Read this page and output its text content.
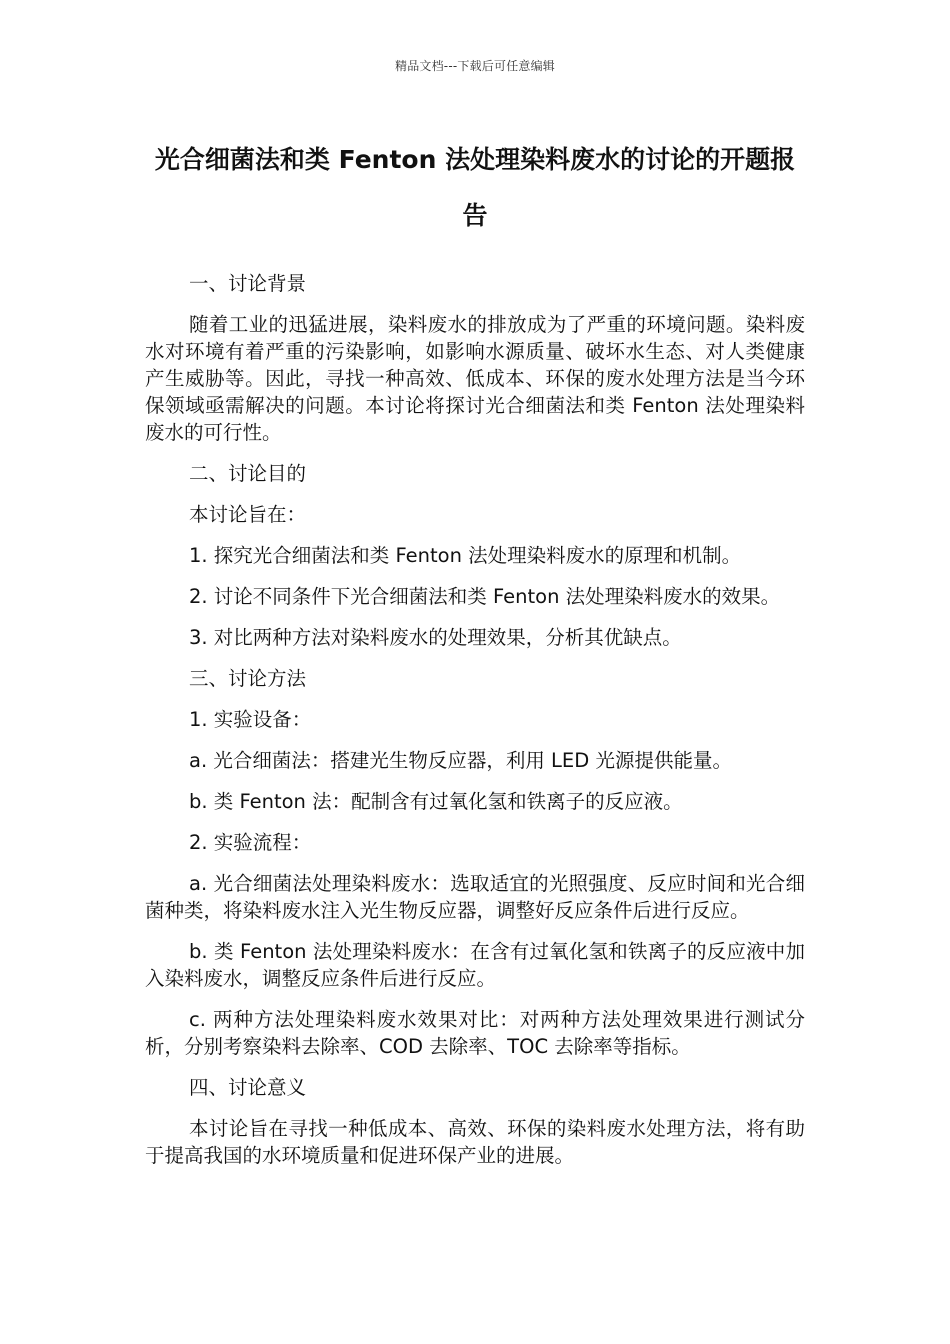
精品文档---下载后可任意编辑
光合细菌法和类 Fenton 法处理染料废水的讨论的开题报告

一、讨论背景

随着工业的迅猛进展，染料废水的排放成为了严重的环境问题。染料废水对环境有着严重的污染影响，如影响水源质量、破坏水生态、对人类健康产生威胁等。因此，寻找一种高效、低成本、环保的废水处理方法是当今环保领域亟需解决的问题。本讨论将探讨光合细菌法和类 Fenton 法处理染料废水的可行性。

二、讨论目的

本讨论旨在：

1. 探究光合细菌法和类 Fenton 法处理染料废水的原理和机制。

2. 讨论不同条件下光合细菌法和类 Fenton 法处理染料废水的效果。

3. 对比两种方法对染料废水的处理效果，分析其优缺点。

三、讨论方法

1. 实验设备：

a. 光合细菌法：搭建光生物反应器，利用 LED 光源提供能量。

b. 类 Fenton 法：配制含有过氧化氢和铁离子的反应液。

2. 实验流程：

a. 光合细菌法处理染料废水：选取适宜的光照强度、反应时间和光合细菌种类，将染料废水注入光生物反应器，调整好反应条件后进行反应。

b. 类 Fenton 法处理染料废水：在含有过氧化氢和铁离子的反应液中加入染料废水，调整反应条件后进行反应。

c. 两种方法处理染料废水效果对比：对两种方法处理效果进行测试分析，分别考察染料去除率、COD 去除率、TOC 去除率等指标。

四、讨论意义

本讨论旨在寻找一种低成本、高效、环保的染料废水处理方法，将有助于提高我国的水环境质量和促进环保产业的进展。
